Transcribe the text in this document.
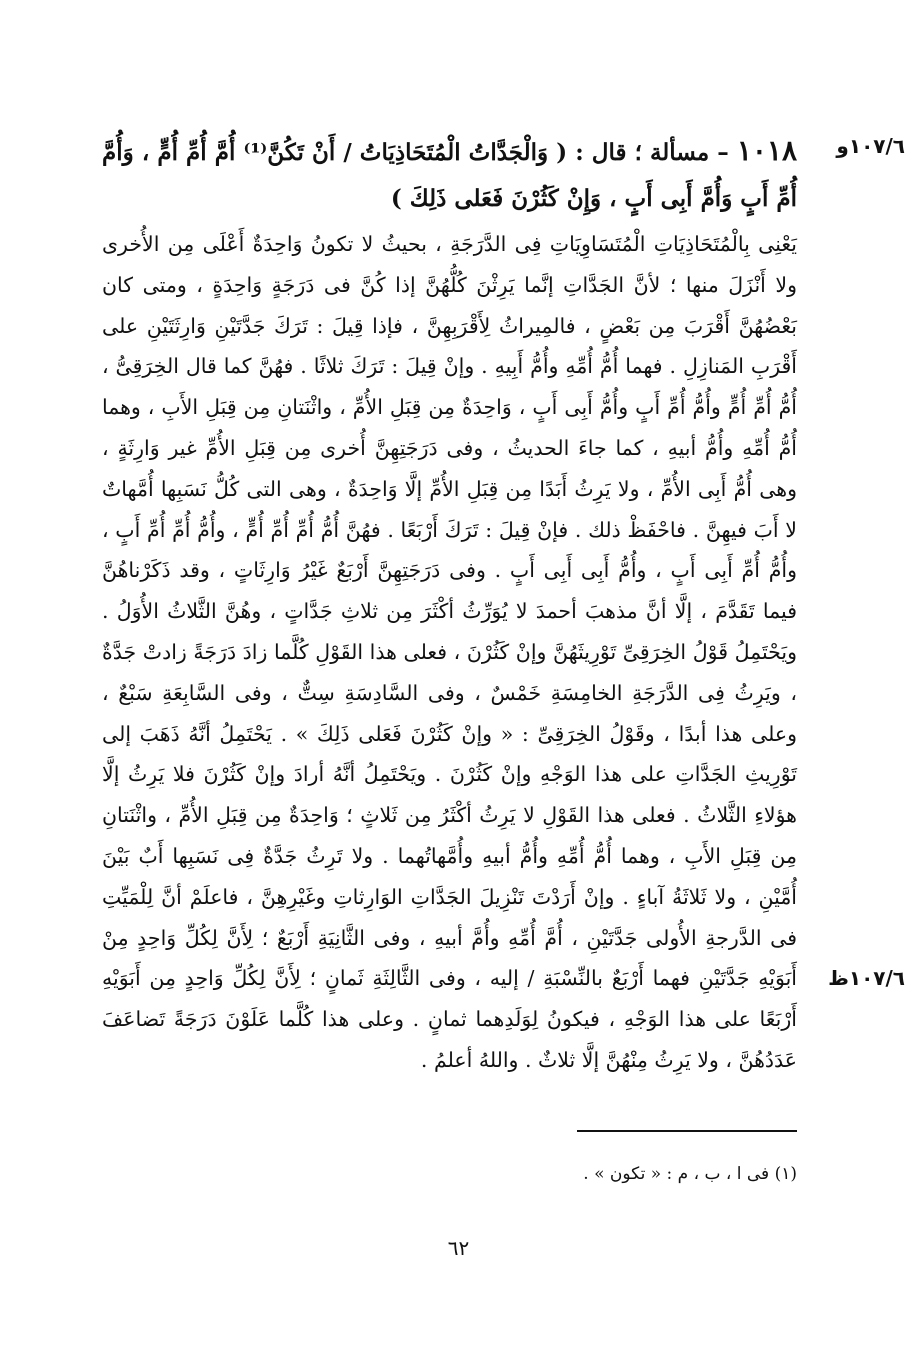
١٠٧/٦و
١٠٧/٦ظ
١٠١٨ – مسألة ؛ قال : ( وَالْجَدَّاتُ الْمُتَحَاذِيَاتُ / أَنْ تَكُنَّ⁽¹⁾ أُمَّ أُمِّ أُمٍّ ، وَأُمَّ أُمِّ أَبٍ وَأُمَّ أَبِى أَبٍ ، وَإِنْ كَثُرْنَ فَعَلى ذَلِكَ )

يَعْنِى بِالْمُتَحَاذِيَاتِ الْمُتَسَاوِيَاتِ فِى الدَّرَجَةِ ، بحيثُ لا تكونُ وَاحِدَةٌ أَعْلَى مِن الأُخرى ولا أَنْزَلَ منها ؛ لأنَّ الجَدَّاتِ إنَّما يَرِثْنَ كُلُّهُنَّ إذا كُنَّ فى دَرَجَةٍ وَاحِدَةٍ ، ومتى كان بَعْضُهُنَّ أَقْرَبَ مِن بَعْضٍ ، فالمِيراثُ لِأَقْرَبِهِنَّ ، فإذا قِيلَ : تَرَكَ جَدَّتَيْنِ وَارِثَتَيْنِ على أَقْرَبِ المَنازِلِ . فهما أُمُّ أُمِّهِ وأُمُّ أَبِيهِ . وإنْ قِيلَ : تَرَكَ ثلاثًا . فهُنَّ كما قال الخِرَقِىُّ ، أُمُّ أُمِّ أُمٍّ وأُمُّ أُمِّ أَبٍ وأُمُّ أَبِى أَبٍ ، وَاحِدَةٌ مِن قِبَلِ الأُمِّ ، واثْنَتانِ مِن قِبَلِ الأَبِ ، وهما أُمُّ أُمِّهِ وأُمُّ أبيهِ ، كما جاءَ الحديثُ ، وفى دَرَجَتِهِنَّ أُخرى مِن قِبَلِ الأُمِّ غير وَارِثَةٍ ، وهى أُمُّ أَبِى الأُمِّ ، ولا يَرِثُ أَبَدًا مِن قِبَلِ الأُمِّ إلَّا وَاحِدَةٌ ، وهى التى كُلُّ نَسَبِها أُمَّهاتٌ لا أَبَ فيهِنَّ . فاحْفَظْ ذلك . فإنْ قِيلَ : تَرَكَ أَرْبَعًا . فهُنَّ أُمُّ أُمِّ أُمِّ أُمٍّ ، وأُمُّ أُمِّ أُمِّ أَبٍ ، وأُمُّ أُمِّ أَبِى أَبٍ ، وأُمُّ أَبِى أَبِى أَبٍ . وفى دَرَجَتِهِنَّ أَرْبَعٌ غَيْرُ وَارِثَاتٍ ، وقد ذَكَرْناهُنَّ فيما تَقَدَّمَ ، إلَّا أنَّ مذهبَ أحمدَ لا يُوَرِّثُ أكْثَرَ مِن ثلاثِ جَدَّاتٍ ، وهُنَّ الثَّلاثُ الأُوَلُ . ويَحْتَمِلُ قَوْلُ الخِرَقِىِّ تَوْرِيثَهُنَّ وإنْ كَثُرْنَ ، فعلى هذا القَوْلِ كُلَّما زادَ دَرَجَةً زادتْ جَدَّةٌ ، ويَرِثُ فِى الدَّرَجَةِ الخامِسَةِ خَمْسٌ ، وفى السَّادِسَةِ سِتٌّ ، وفى السَّابِعَةِ سَبْعٌ ، وعلى هذا أبدًا ، وقَوْلُ الخِرَقِىِّ : « وإنْ كَثُرْنَ فَعَلى ذَلِكَ » . يَحْتَمِلُ أنَّهُ ذَهَبَ إلى تَوْرِيثِ الجَدَّاتِ على هذا الوَجْهِ وإنْ كَثُرْنَ . ويَحْتَمِلُ أنَّهُ أرادَ وإنْ كَثُرْنَ فلا يَرِثُ إلَّا هؤلاءِ الثَّلاثُ . فعلى هذا القَوْلِ لا يَرِثُ أكْثَرُ مِن ثَلاثٍ ؛ وَاحِدَةٌ مِن قِبَلِ الأُمِّ ، واثْنَتانِ مِن قِبَلِ الأَبِ ، وهما أُمُّ أُمِّهِ وأُمُّ أبيهِ وأُمَّهاتُهما . ولا تَرِثُ جَدَّةٌ فِى نَسَبِها أَبٌ بَيْنَ أُمَّيْنِ ، ولا ثَلاثَةُ آباءٍ . وإنْ أَرَدْتَ تَنْزِيلَ الجَدَّاتِ الوَارِثاتِ وغَيْرِهِنَّ ، فاعلَمْ أنَّ لِلْمَيِّتِ فى الدَّرجةِ الأُولى جَدَّتَيْنِ ، أُمَّ أُمِّهِ وأُمَّ أبيهِ ، وفى الثَّانِيَةِ أَرْبَعٌ ؛ لِأَنَّ لِكُلِّ وَاحِدٍ مِنْ أَبَوَيْهِ جَدَّتَيْنِ فهما أَرْبَعٌ بالنِّسْبَةِ / إليه ، وفى الثَّالِثَةِ ثَمانٍ ؛ لِأَنَّ لِكُلِّ وَاحِدٍ مِن أَبَوَيْهِ أَرْبَعًا على هذا الوَجْهِ ، فيكونُ لِوَلَدِهما ثمانٍ . وعلى هذا كُلَّما عَلَوْنَ دَرَجَةً تَضاعَفَ عَدَدُهُنَّ ، ولا يَرِثُ مِنْهُنَّ إلَّا ثلاثٌ . واللهُ أعلمُ .

(١) فى ا ، ب ، م : « تكون » .
٦٢
